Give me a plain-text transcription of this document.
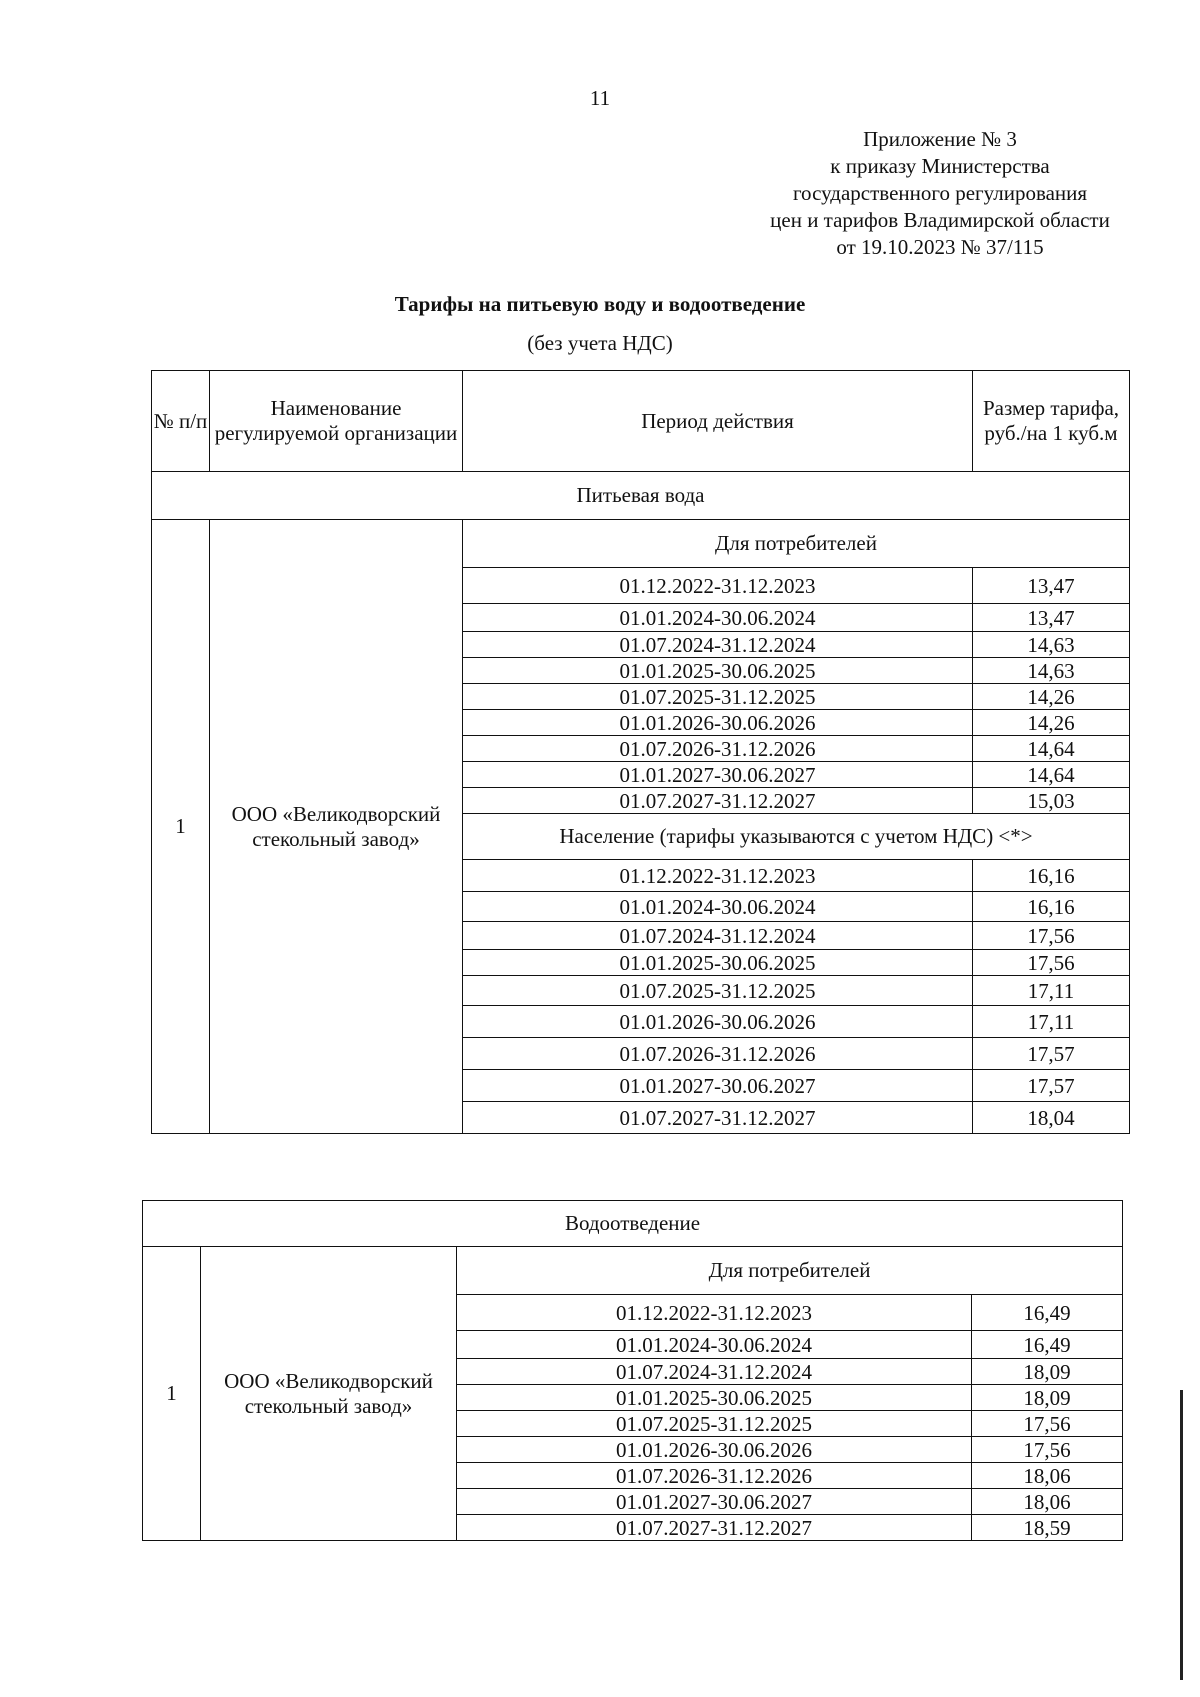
11
Приложение № 3
к приказу Министерства
государственного регулирования
цен и тарифов Владимирской области
от 19.10.2023 № 37/115
Тарифы на питьевую воду и водоотведение
(без учета НДС)
№ п/п	Наименование регулируемой организации	Период действия	Размер тарифа, руб./на 1 куб.м
Питьевая вода			
1	ООО «Великодворский стекольный завод»	Для потребителей	
		01.12.2022-31.12.2023	13,47
		01.01.2024-30.06.2024	13,47
		01.07.2024-31.12.2024	14,63
		01.01.2025-30.06.2025	14,63
		01.07.2025-31.12.2025	14,26
		01.01.2026-30.06.2026	14,26
		01.07.2026-31.12.2026	14,64
		01.01.2027-30.06.2027	14,64
		01.07.2027-31.12.2027	15,03
		Население (тарифы указываются с учетом НДС) <*>	
		01.12.2022-31.12.2023	16,16
		01.01.2024-30.06.2024	16,16
		01.07.2024-31.12.2024	17,56
		01.01.2025-30.06.2025	17,56
		01.07.2025-31.12.2025	17,11
		01.01.2026-30.06.2026	17,11
		01.07.2026-31.12.2026	17,57
		01.01.2027-30.06.2027	17,57
		01.07.2027-31.12.2027	18,04
Водоотведение			
1	ООО «Великодворский стекольный завод»	Для потребителей	
		01.12.2022-31.12.2023	16,49
		01.01.2024-30.06.2024	16,49
		01.07.2024-31.12.2024	18,09
		01.01.2025-30.06.2025	18,09
		01.07.2025-31.12.2025	17,56
		01.01.2026-30.06.2026	17,56
		01.07.2026-31.12.2026	18,06
		01.01.2027-30.06.2027	18,06
		01.07.2027-31.12.2027	18,59
